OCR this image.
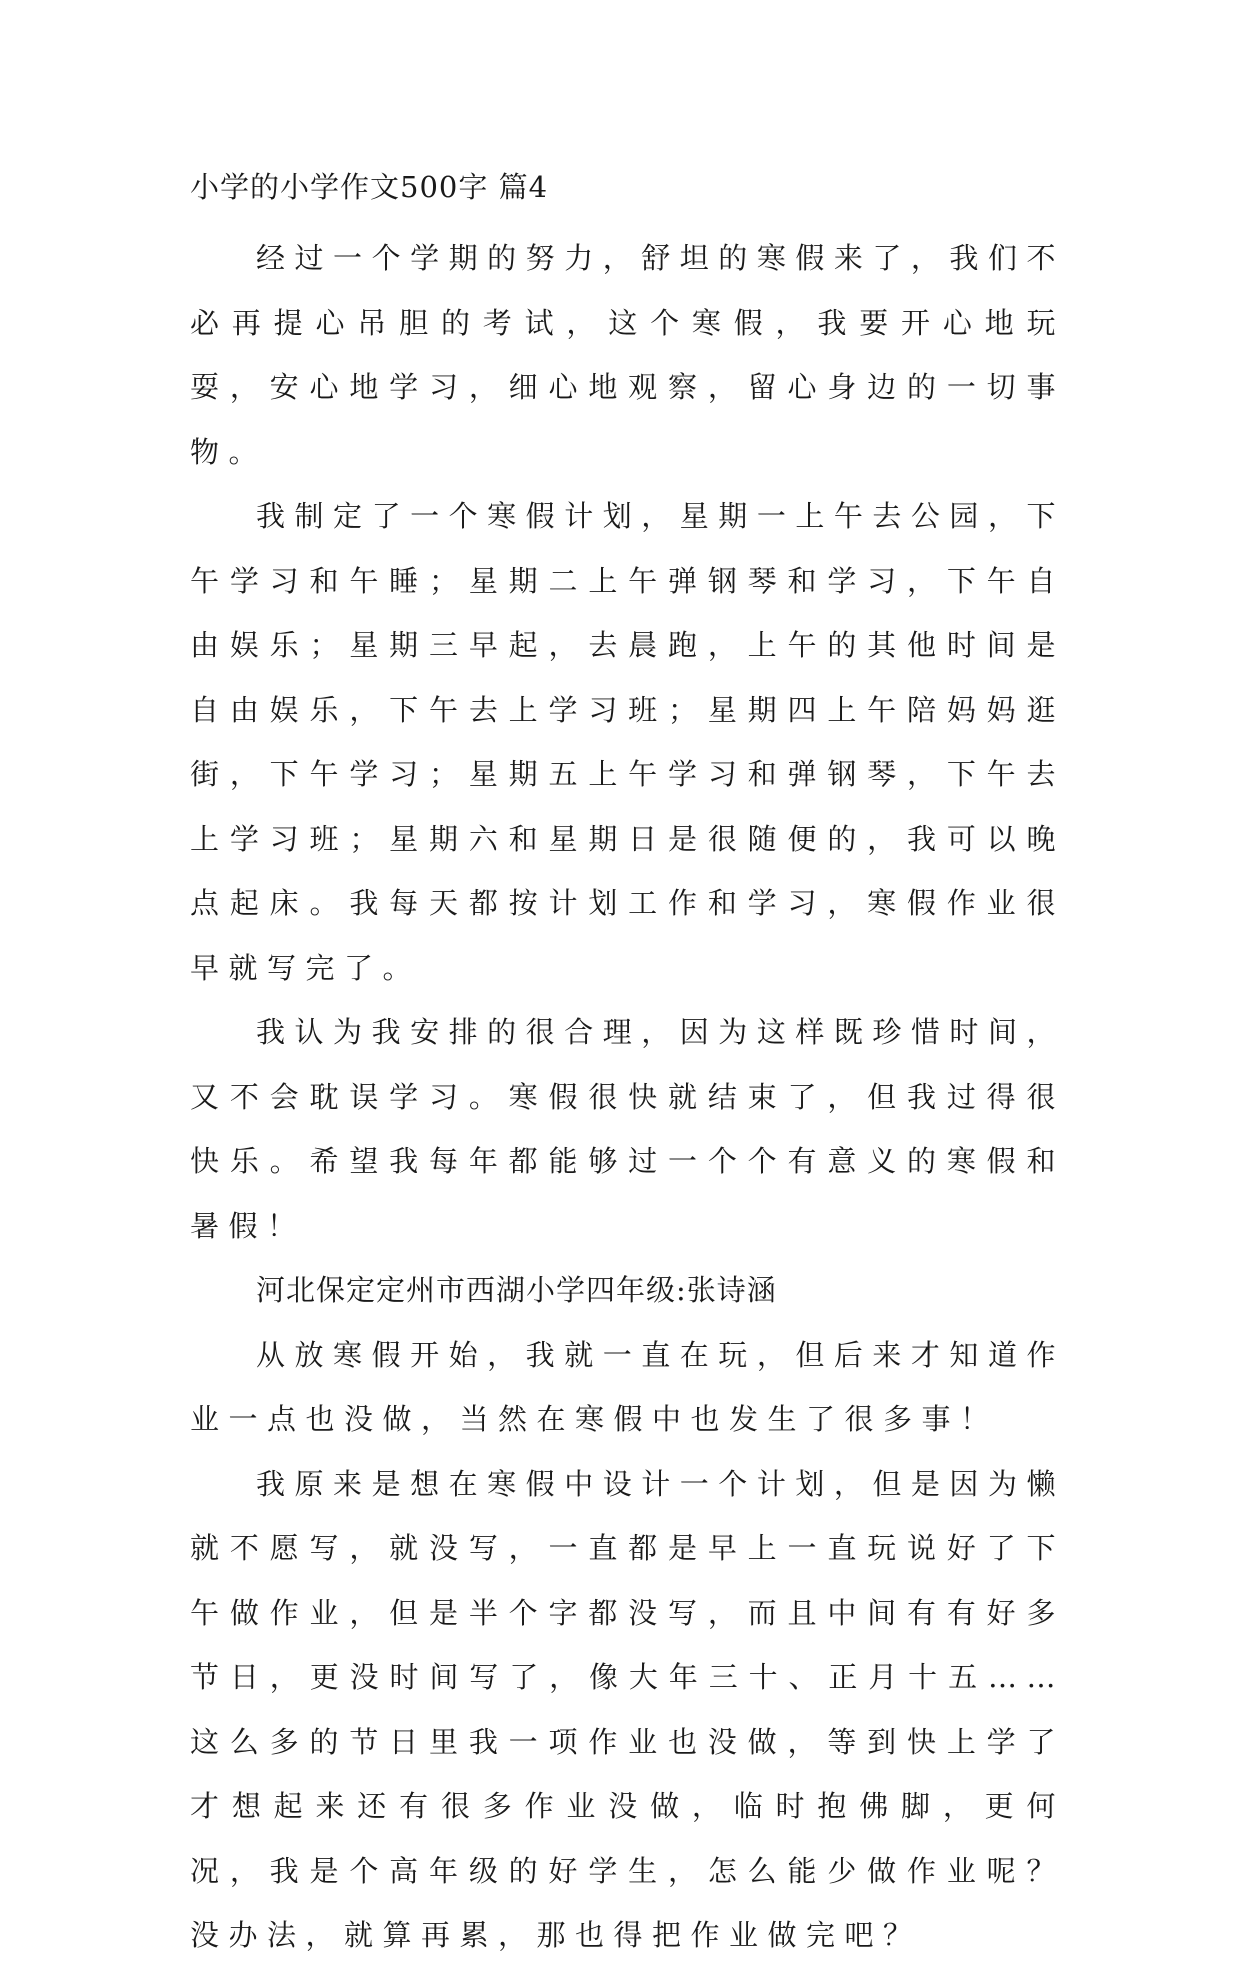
小学的小学作文500字 篇4

经过一个学期的努力，舒坦的寒假来了，我们不必再提心吊胆的考试，这个寒假，我要开心地玩耍，安心地学习，细心地观察，留心身边的一切事物。

我制定了一个寒假计划，星期一上午去公园，下午学习和午睡；星期二上午弹钢琴和学习，下午自由娱乐；星期三早起，去晨跑，上午的其他时间是自由娱乐，下午去上学习班；星期四上午陪妈妈逛街，下午学习；星期五上午学习和弹钢琴，下午去上学习班；星期六和星期日是很随便的，我可以晚点起床。我每天都按计划工作和学习，寒假作业很早就写完了。

我认为我安排的很合理，因为这样既珍惜时间，又不会耽误学习。寒假很快就结束了，但我过得很快乐。希望我每年都能够过一个个有意义的寒假和暑假！

河北保定定州市西湖小学四年级:张诗涵

从放寒假开始，我就一直在玩，但后来才知道作业一点也没做，当然在寒假中也发生了很多事！

我原来是想在寒假中设计一个计划，但是因为懒就不愿写，就没写，一直都是早上一直玩说好了下午做作业，但是半个字都没写，而且中间有有好多节日，更没时间写了，像大年三十、正月十五……这么多的节日里我一项作业也没做，等到快上学了才想起来还有很多作业没做，临时抱佛脚，更何况，我是个高年级的好学生，怎么能少做作业呢？没办法，就算再累，那也得把作业做完吧？
